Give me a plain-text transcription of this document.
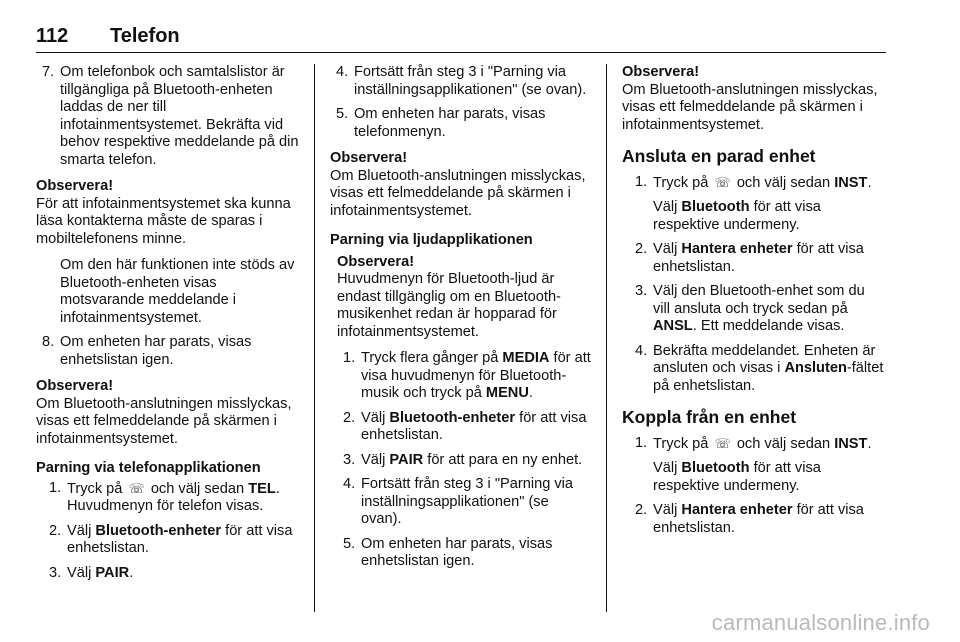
112 Telefon
7. Om telefonbok och samtalslistor är tillgängliga på Bluetooth-enheten laddas de ner till infotainmentsystemet. Bekräfta vid behov respektive meddelande på din smarta telefon.
Observera!
För att infotainmentsystemet ska kunna läsa kontakterna måste de sparas i mobiltelefonens minne.
Om den här funktionen inte stöds av Bluetooth-enheten visas motsvarande meddelande i infotainmentsystemet.
8. Om enheten har parats, visas enhetslistan igen.
Observera!
Om Bluetooth-anslutningen misslyckas, visas ett felmeddelande på skärmen i infotainmentsystemet.
Parning via telefonapplikationen
1. Tryck på ☏ och välj sedan TEL. Huvudmenyn för telefon visas.
2. Välj Bluetooth-enheter för att visa enhetslistan.
3. Välj PAIR.
4. Fortsätt från steg 3 i "Parning via inställningsapplikationen" (se ovan).
5. Om enheten har parats, visas telefonmenyn.
Observera!
Om Bluetooth-anslutningen misslyckas, visas ett felmeddelande på skärmen i infotainmentsystemet.
Parning via ljudapplikationen
Observera!
Huvudmenyn för Bluetooth-ljud är endast tillgänglig om en Bluetooth-musikenhet redan är hopparad för infotainmentsystemet.
1. Tryck flera gånger på MEDIA för att visa huvudmenyn för Bluetooth-musik och tryck på MENU.
2. Välj Bluetooth-enheter för att visa enhetslistan.
3. Välj PAIR för att para en ny enhet.
4. Fortsätt från steg 3 i "Parning via inställningsapplikationen" (se ovan).
5. Om enheten har parats, visas enhetslistan igen.
Observera!
Om Bluetooth-anslutningen misslyckas, visas ett felmeddelande på skärmen i infotainmentsystemet.
Ansluta en parad enhet
1. Tryck på ☏ och välj sedan INST.
Välj Bluetooth för att visa respektive undermeny.
2. Välj Hantera enheter för att visa enhetslistan.
3. Välj den Bluetooth-enhet som du vill ansluta och tryck sedan på ANSL. Ett meddelande visas.
4. Bekräfta meddelandet. Enheten är ansluten och visas i Ansluten-fältet på enhetslistan.
Koppla från en enhet
1. Tryck på ☏ och välj sedan INST.
Välj Bluetooth för att visa respektive undermeny.
2. Välj Hantera enheter för att visa enhetslistan.
carmanualsonline.info
